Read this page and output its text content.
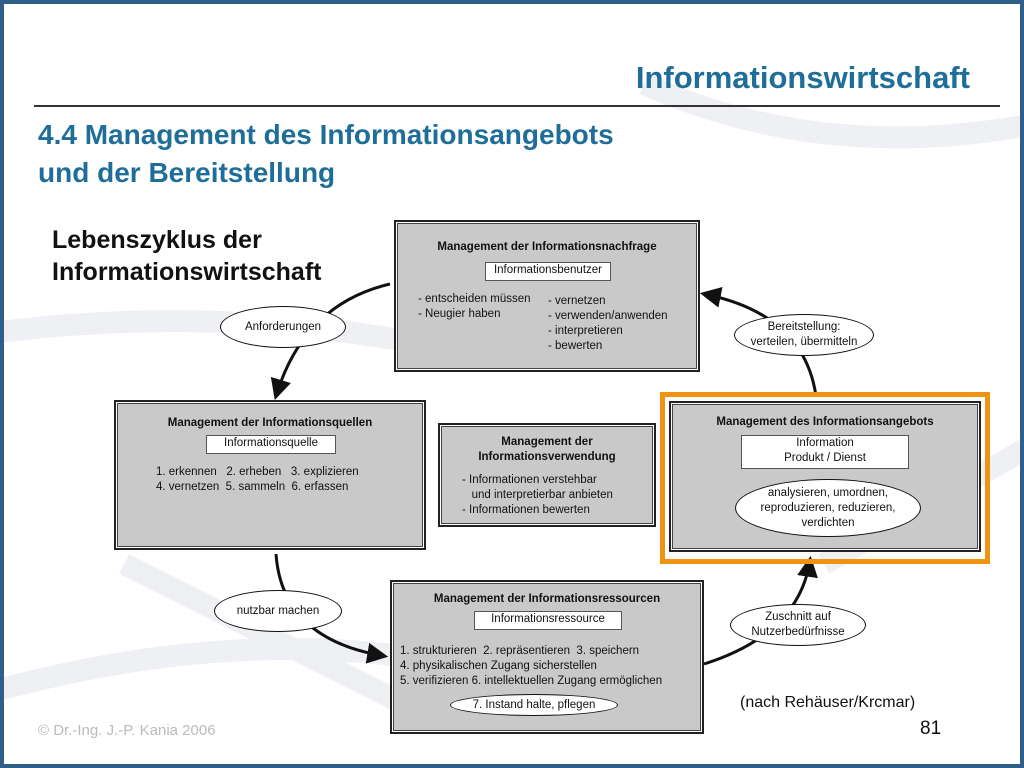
Informationswirtschaft
4.4 Management des Informationsangebots
und der Bereitstellung
Lebenszyklus der
Informationswirtschaft
Management der Informationsnachfrage
Informationsbenutzer
- entscheiden müssen
- Neugier haben
- vernetzen
- verwenden/anwenden
- interpretieren
- bewerten
Management der Informationsquellen
Informationsquelle
1. erkennen   2. erheben   3. explizieren
4. vernetzen  5. sammeln  6. erfassen
Management der
Informationsverwendung
- Informationen verstehbar
und interpretierbar anbieten
- Informationen bewerten
Management des Informationsangebots
Information
Produkt / Dienst
analysieren, umordnen,
reproduzieren, reduzieren,
verdichten
Management der Informationsressourcen
Informationsressource
1. strukturieren  2. repräsentieren  3. speichern
4. physikalischen Zugang sicherstellen
5. verifizieren 6. intellektuellen Zugang ermöglichen
7. Instand halte, pflegen
Anforderungen	Bereitstellung:
verteilen, übermitteln
nutzbar machen
Zuschnitt auf
Nutzerbedürfnisse
© Dr.-Ing. J.-P. Kania 2006
(nach Rehäuser/Krcmar)
81
